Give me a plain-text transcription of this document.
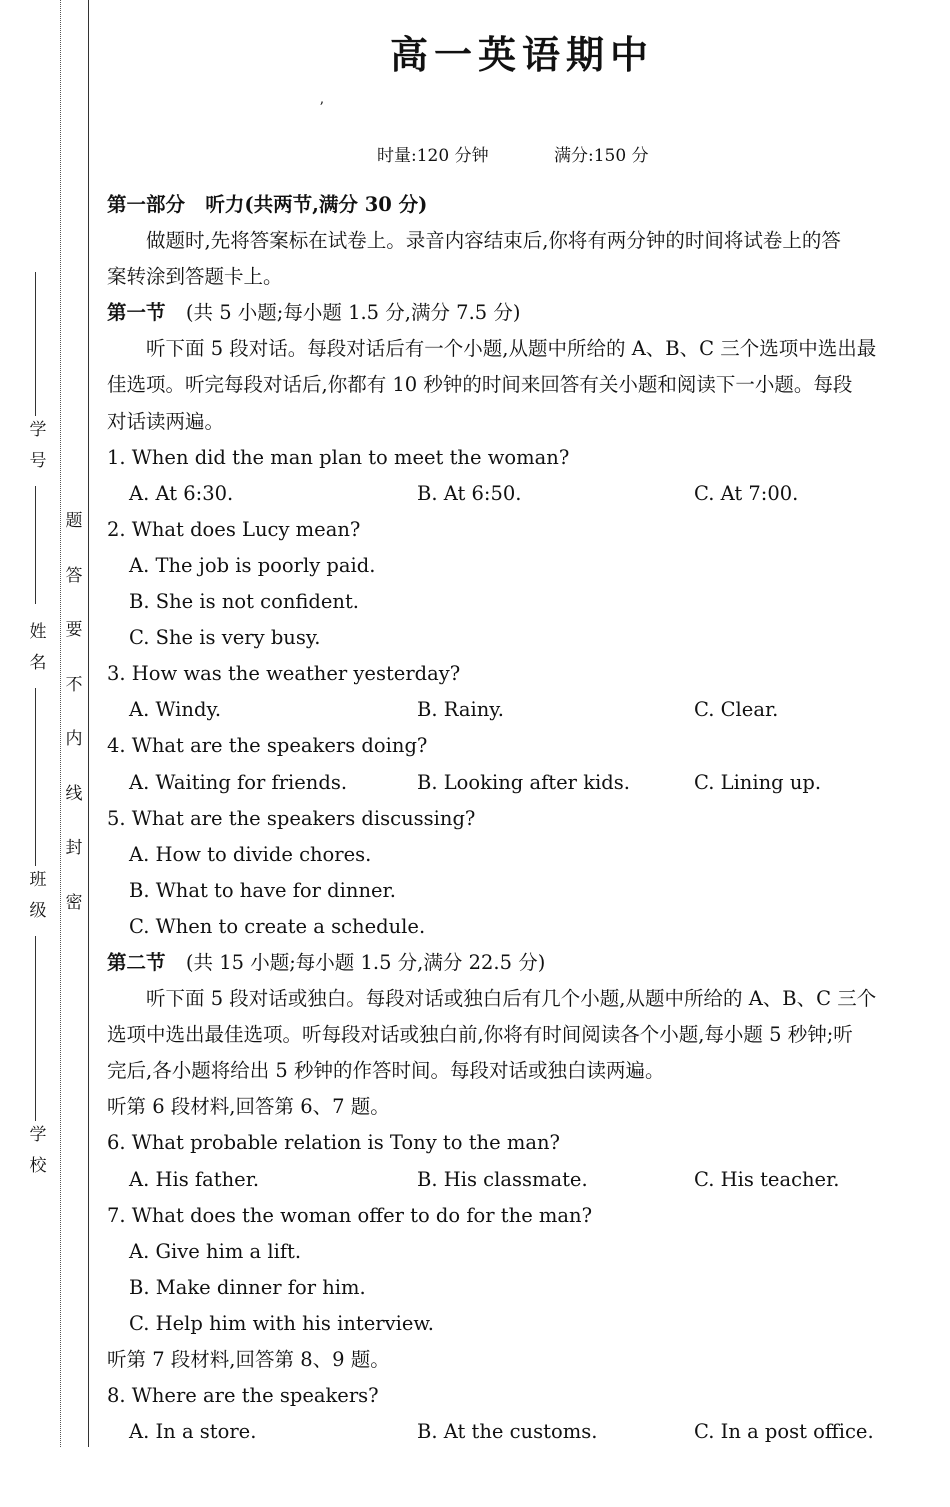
学号
姓名
班级
学校
题
答
要
不
内
线
封
密
高一英语期中
ʼ
时量:120 分钟	满分:150 分
第一部分 听力(共两节,满分 30 分)
做题时,先将答案标在试卷上。录音内容结束后,你将有两分钟的时间将试卷上的答
案转涂到答题卡上。
第一节 (共 5 小题;每小题 1.5 分,满分 7.5 分)
听下面 5 段对话。每段对话后有一个小题,从题中所给的 A、B、C 三个选项中选出最
佳选项。听完每段对话后,你都有 10 秒钟的时间来回答有关小题和阅读下一小题。每段
对话读两遍。
1. When did the man plan to meet the woman?
A. At 6:30.	B. At 6:50.	C. At 7:00.
2. What does Lucy mean?
A. The job is poorly paid.
B. She is not confident.
C. She is very busy.
3. How was the weather yesterday?
A. Windy.	B. Rainy.	C. Clear.
4. What are the speakers doing?
A. Waiting for friends.	B. Looking after kids.	C. Lining up.
5. What are the speakers discussing?
A. How to divide chores.
B. What to have for dinner.
C. When to create a schedule.
第二节 (共 15 小题;每小题 1.5 分,满分 22.5 分)
听下面 5 段对话或独白。每段对话或独白后有几个小题,从题中所给的 A、B、C 三个
选项中选出最佳选项。听每段对话或独白前,你将有时间阅读各个小题,每小题 5 秒钟;听
完后,各小题将给出 5 秒钟的作答时间。每段对话或独白读两遍。
听第 6 段材料,回答第 6、7 题。
6. What probable relation is Tony to the man?
A. His father.	B. His classmate.	C. His teacher.
7. What does the woman offer to do for the man?
A. Give him a lift.
B. Make dinner for him.
C. Help him with his interview.
听第 7 段材料,回答第 8、9 题。
8. Where are the speakers?
A. In a store.	B. At the customs.	C. In a post office.
